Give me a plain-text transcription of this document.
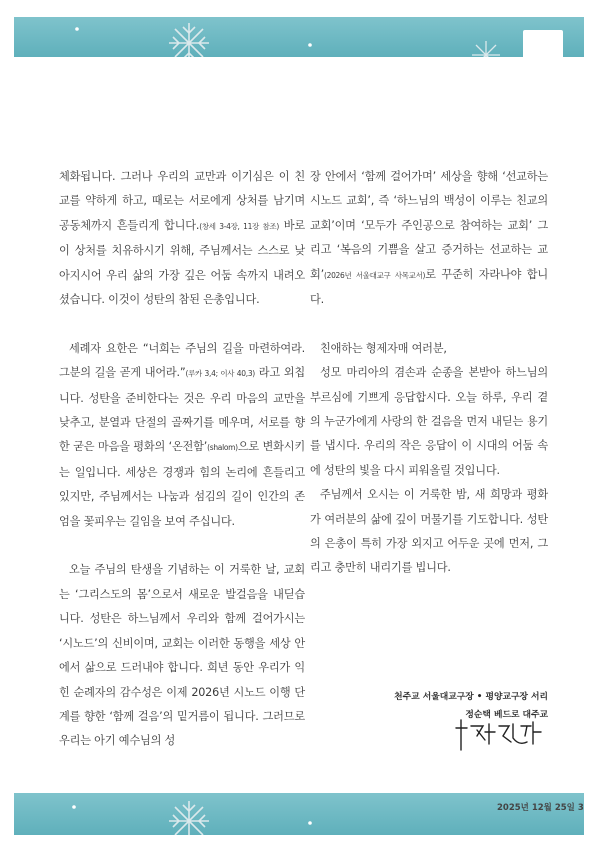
체화됩니다. 그러나 우리의 교만과 이기심은 이 친교를 약하게 하고, 때로는 서로에게 상처를 남기며 공동체까지 흔들리게 합니다.(창세 3-4장, 11장 참조) 바로 이 상처를 치유하시기 위해, 주님께서는 스스로 낮아지시어 우리 삶의 가장 깊은 어둠 속까지 내려오셨습니다. 이것이 성탄의 참된 은총입니다.

세례자 요한은 “너희는 주님의 길을 마련하여라. 그분의 길을 곧게 내어라.”(루카 3,4; 이사 40,3) 라고 외칩니다. 성탄을 준비한다는 것은 우리 마음의 교만을 낮추고, 분열과 단절의 골짜기를 메우며, 서로를 향한 굳은 마음을 평화의 ‘온전함’(shalom)으로 변화시키는 일입니다. 세상은 경쟁과 힘의 논리에 흔들리고 있지만, 주님께서는 나눔과 섬김의 길이 인간의 존엄을 꽃피우는 길임을 보여 주십니다.

오늘 주님의 탄생을 기념하는 이 거룩한 날, 교회는 ‘그리스도의 몸’으로서 새로운 발걸음을 내딛습니다. 성탄은 하느님께서 우리와 함께 걸어가시는 ‘시노드’의 신비이며, 교회는 이러한 동행을 세상 안에서 삶으로 드러내야 합니다. 희년 동안 우리가 익힌 순례자의 감수성은 이제 2026년 시노드 이행 단계를 향한 ‘함께 걸음’의 밑거름이 됩니다. 그러므로 우리는 아기 예수님의 성

장 안에서 ‘함께 걸어가며’ 세상을 향해 ‘선교하는 시노드 교회’, 즉 ‘하느님의 백성이 이루는 친교의 교회’이며 ‘모두가 주인공으로 참여하는 교회’ 그리고 ‘복음의 기쁨을 살고 증거하는 선교하는 교회’(2026년 서울대교구 사목교서)로 꾸준히 자라나야 합니다.

친애하는 형제자매 여러분,

성모 마리아의 겸손과 순종을 본받아 하느님의 부르심에 기쁘게 응답합시다. 오늘 하루, 우리 곁의 누군가에게 사랑의 한 걸음을 먼저 내딛는 용기를 냅시다. 우리의 작은 응답이 이 시대의 어둠 속에 성탄의 빛을 다시 피워올릴 것입니다.

주님께서 오시는 이 거룩한 밤, 새 희망과 평화가 여러분의 삶에 깊이 머물기를 기도합니다. 성탄의 은총이 특히 가장 외지고 어두운 곳에 먼저, 그리고 충만히 내리기를 빕니다.

천주교 서울대교구장 • 평양교구장 서리
정순택 베드로 대주교
2025년 12월 25일 3
